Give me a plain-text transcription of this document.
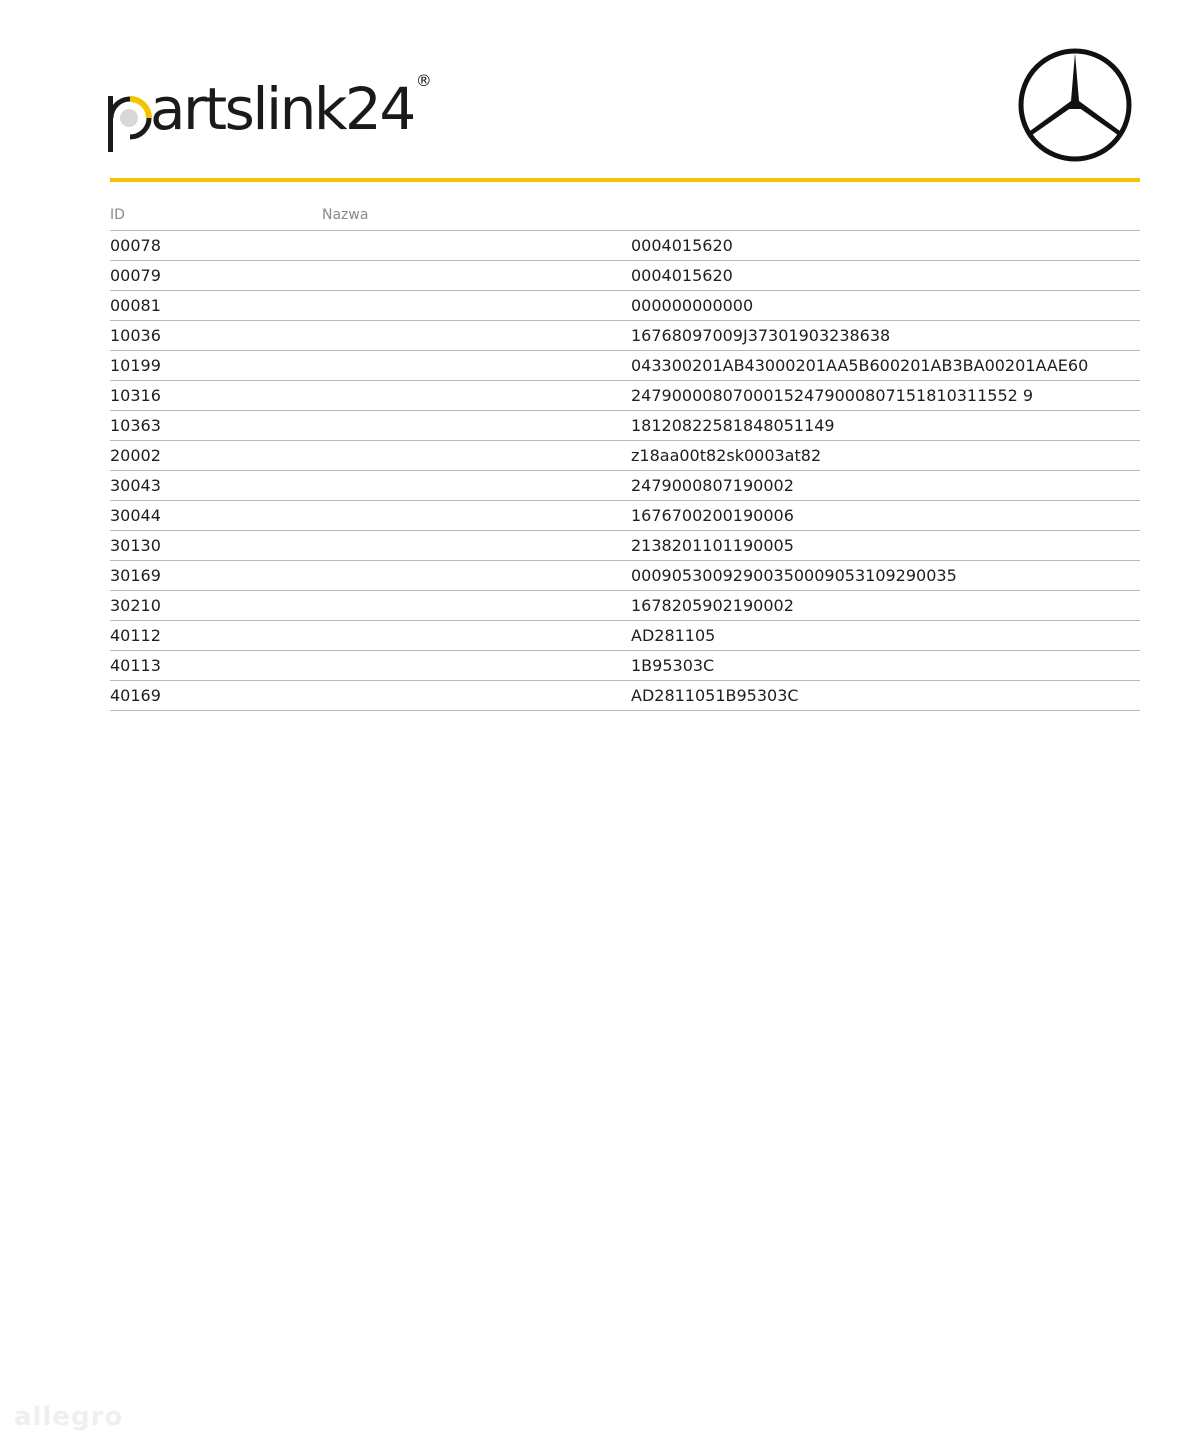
artslink24 ®
ID	Nazwa	
00078		0004015620
00079		0004015620
00081		000000000000
10036		16768097009J37301903238638
10199		043300201AB43000201AA5B600201AB3BA00201AAE60
10316		24790000807000152479000807151810311552 9
10363		18120822581848051149
20002		z18aa00t82sk0003at82
30043		2479000807190002
30044		1676700200190006
30130		2138201101190005
30169		00090530092900350009053109290035
30210		1678205902190002
40112		AD281105
40113		1B95303C
40169		AD2811051B95303C
allegro
